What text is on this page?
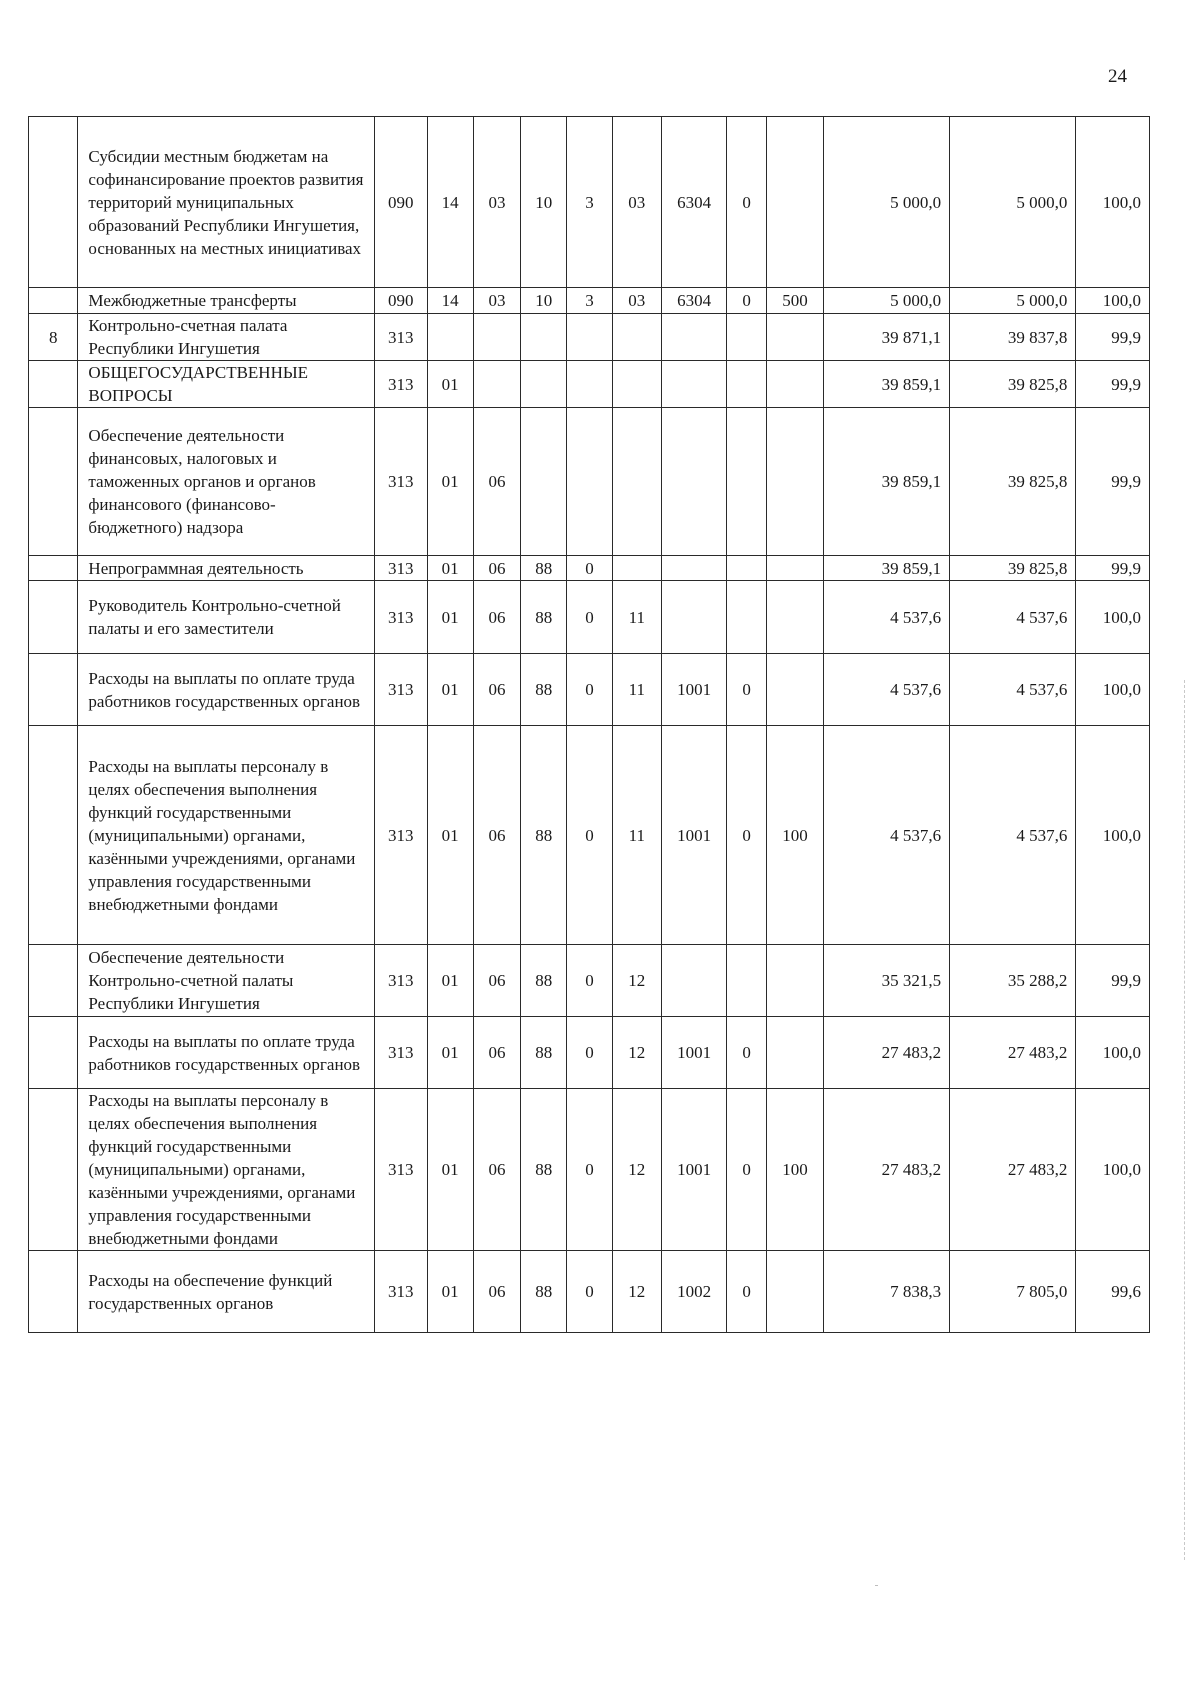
24
	Субсидии местным бюджетам на софинансирование проектов развития территорий муниципальных образований Республики Ингушетия, основанных на местных инициативах	090	14	03	10	3	03	6304	0		5 000,0	5 000,0	100,0
	Межбюджетные трансферты	090	14	03	10	3	03	6304	0	500	5 000,0	5 000,0	100,0
8	Контрольно-счетная палата Республики Ингушетия	313									39 871,1	39 837,8	99,9
	ОБЩЕГОСУДАРСТВЕННЫЕ ВОПРОСЫ	313	01								39 859,1	39 825,8	99,9
	Обеспечение деятельности финансовых, налоговых и таможенных органов и органов финансового (финансово-бюджетного) надзора	313	01	06							39 859,1	39 825,8	99,9
	Непрограммная деятельность	313	01	06	88	0					39 859,1	39 825,8	99,9
	Руководитель Контрольно-счетной палаты и его заместители	313	01	06	88	0	11				4 537,6	4 537,6	100,0
	Расходы на выплаты по оплате труда работников государственных органов	313	01	06	88	0	11	1001	0		4 537,6	4 537,6	100,0
	Расходы на выплаты персоналу в целях обеспечения выполнения функций государственными (муниципальными) органами, казёнными учреждениями, органами управления государственными внебюджетными фондами	313	01	06	88	0	11	1001	0	100	4 537,6	4 537,6	100,0
	Обеспечение деятельности Контрольно-счетной палаты Республики Ингушетия	313	01	06	88	0	12				35 321,5	35 288,2	99,9
	Расходы на выплаты по оплате труда работников государственных органов	313	01	06	88	0	12	1001	0		27 483,2	27 483,2	100,0
	Расходы на выплаты персоналу в целях обеспечения выполнения функций государственными (муниципальными) органами, казёнными учреждениями, органами управления государственными внебюджетными фондами	313	01	06	88	0	12	1001	0	100	27 483,2	27 483,2	100,0
	Расходы на обеспечение функций государственных органов	313	01	06	88	0	12	1002	0		7 838,3	7 805,0	99,6
